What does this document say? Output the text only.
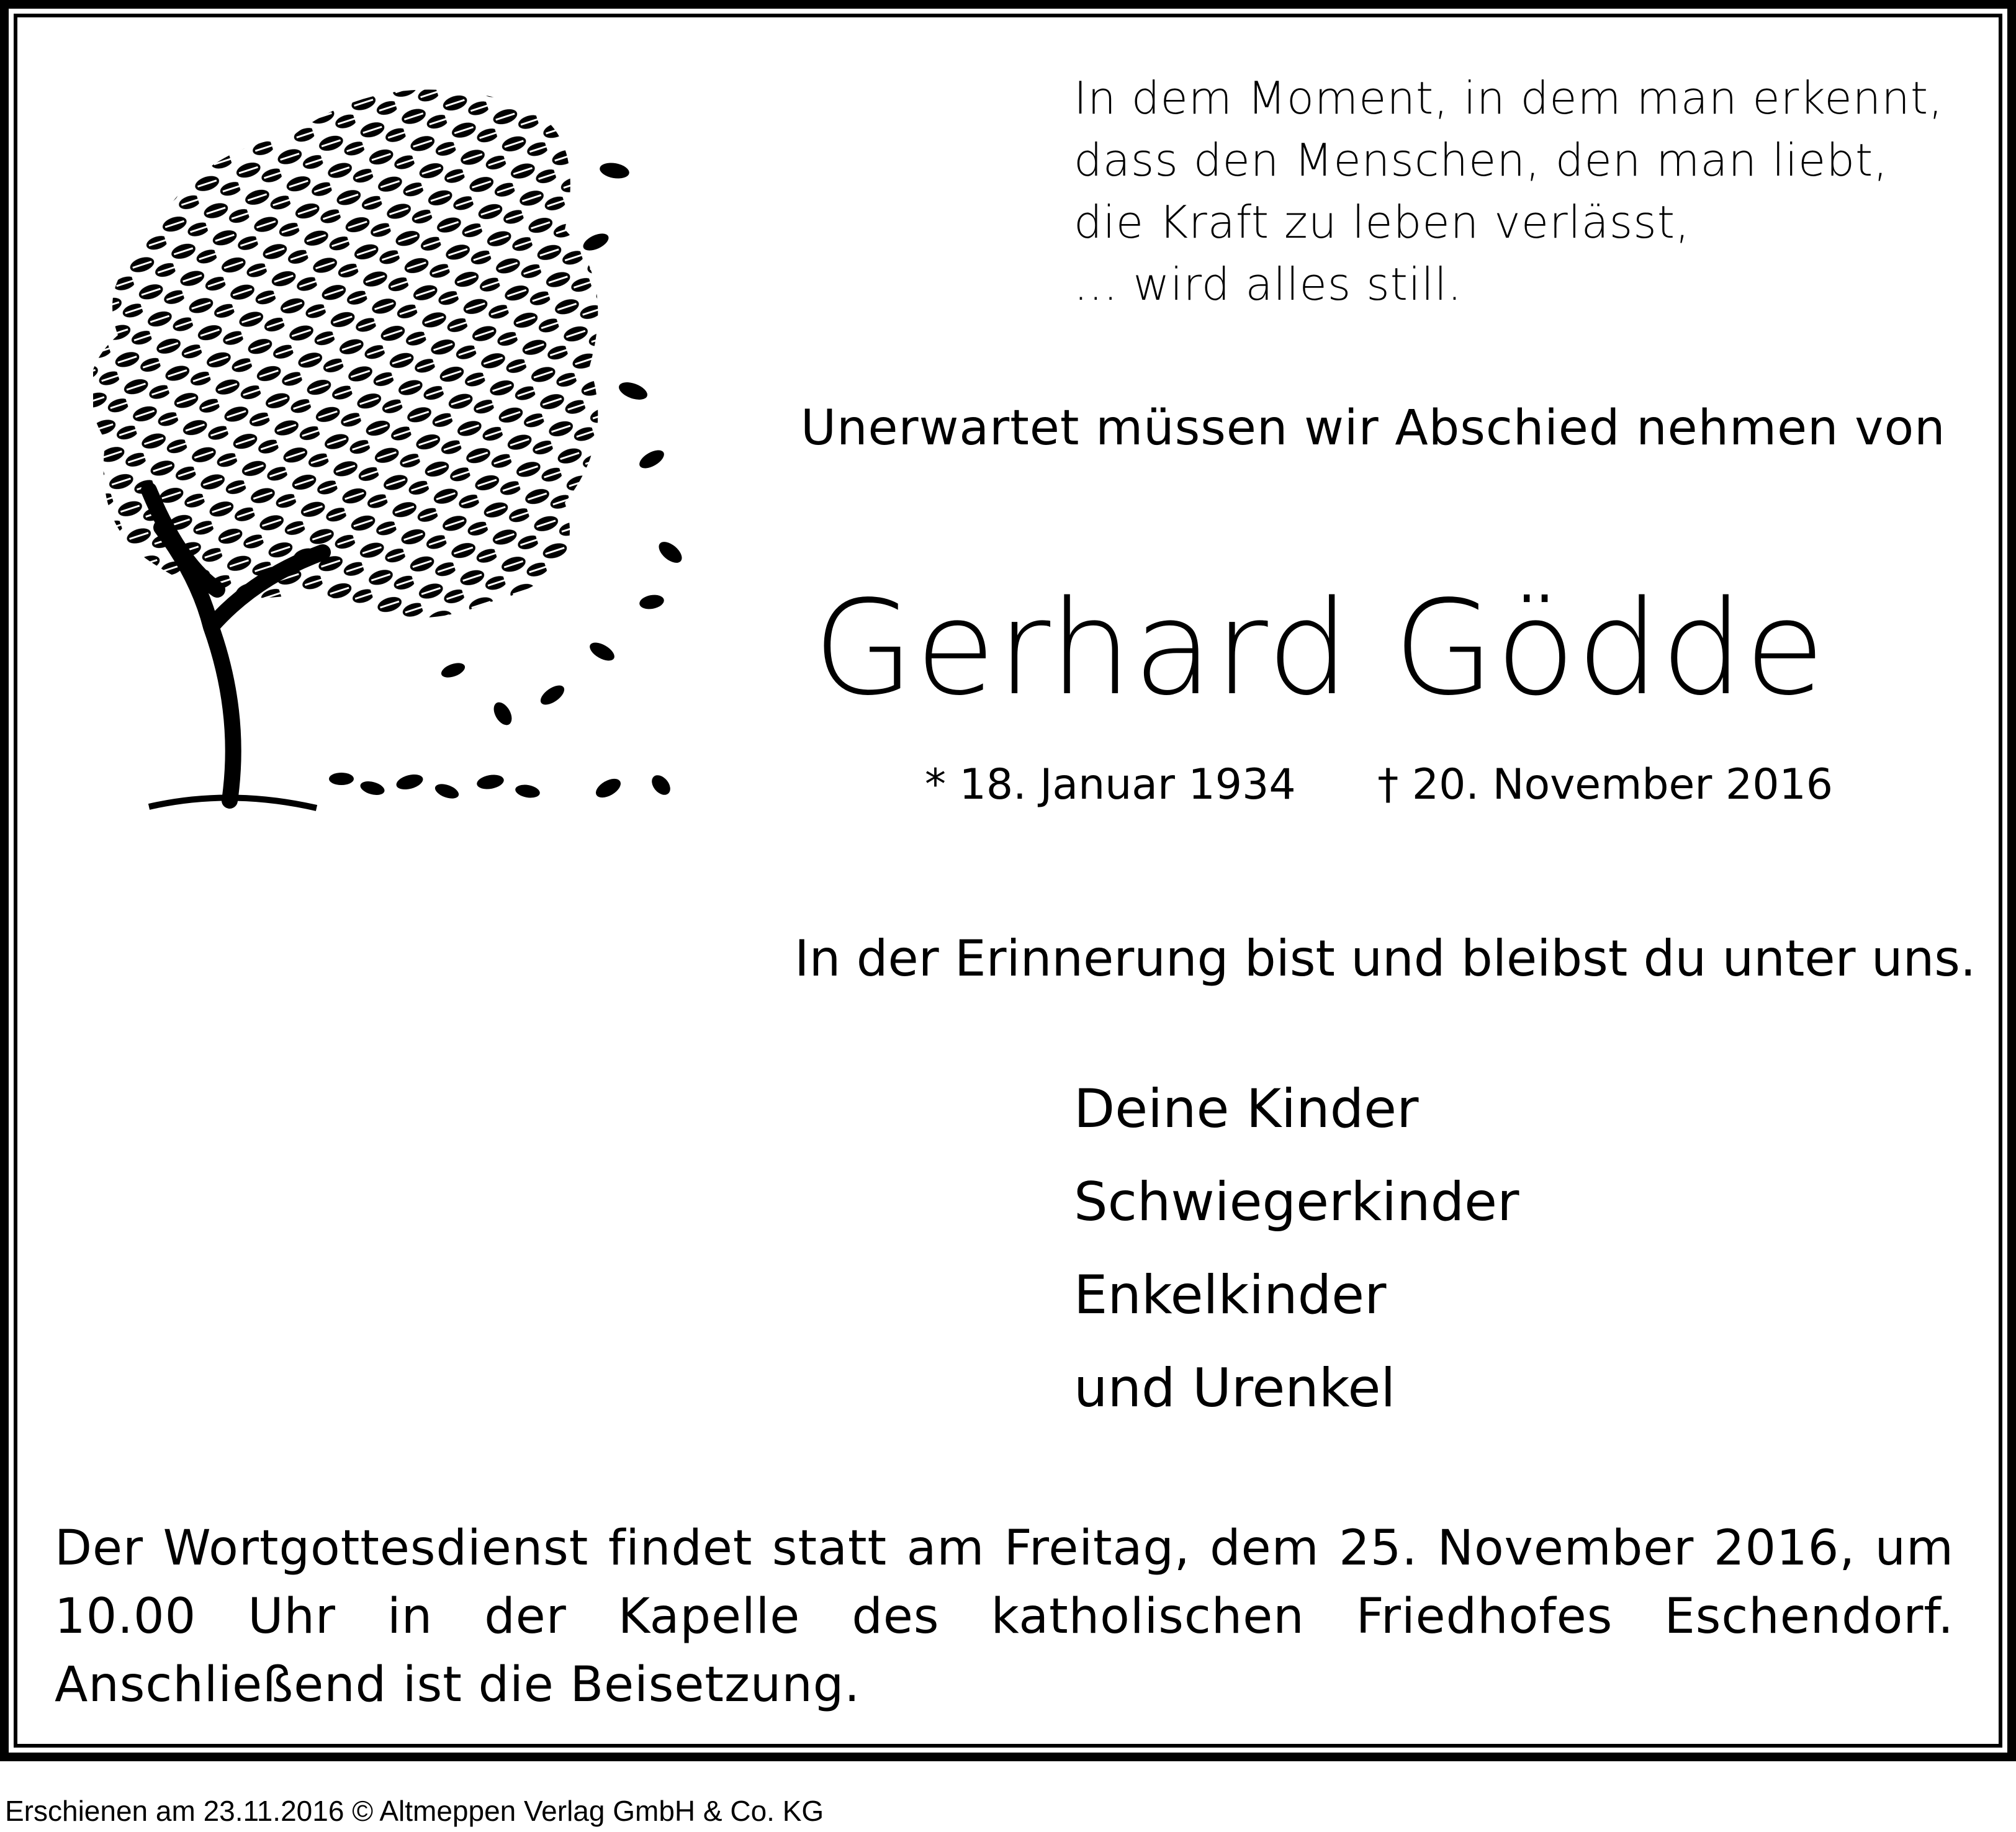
In dem Moment, in dem man erkennt,
dass den Menschen, den man liebt,
die Kraft zu leben verlässt,
... wird alles still.
Unerwartet müssen wir Abschied nehmen von
Gerhard Gödde
* 18. Januar 1934 † 20. November 2016
In der Erinnerung bist und bleibst du unter uns.
Deine Kinder
Schwiegerkinder
Enkelkinder
und Urenkel
Der Wortgottesdienst findet statt am Freitag, dem 25. November 2016, um 10.00 Uhr in der Kapelle des katholischen Friedhofes Eschendorf. Anschließend ist die Beisetzung.
Erschienen am 23.11.2016 © Altmeppen Verlag GmbH & Co. KG
